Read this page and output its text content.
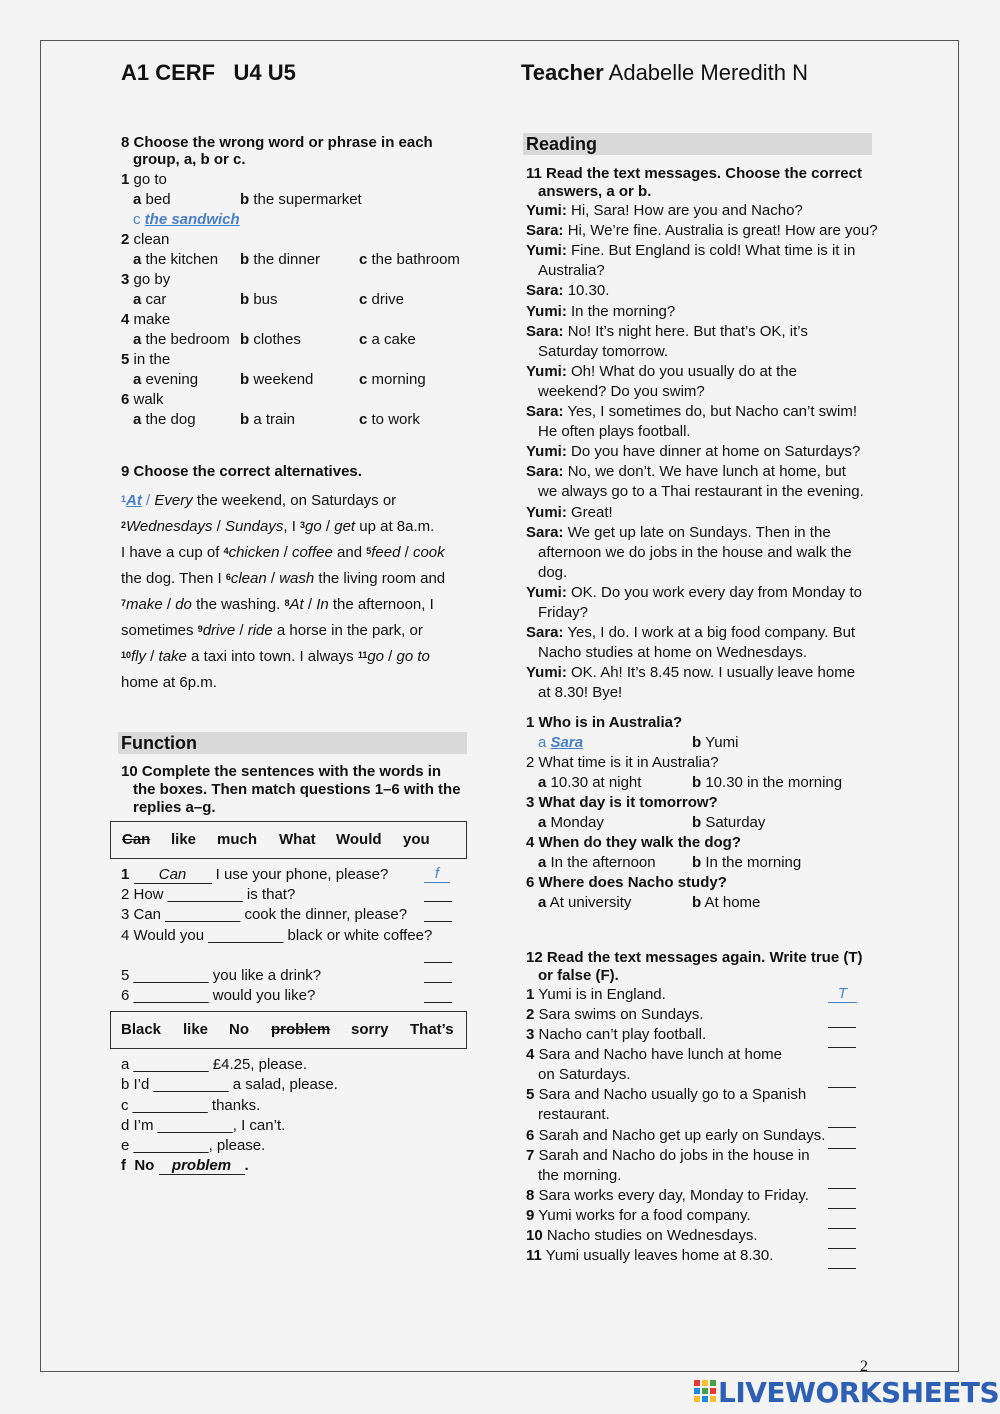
A1 CERF   U4 U5	Teacher Adabelle Meredith N
8 Choose the wrong word or phrase in each
group, a, b or c.
1 go to
a bed	b the supermarket
c the sandwich
2 clean
a the kitchen b the dinner	c the bathroom
3 go by
a car	b bus	c drive
4 make
a the bedroom b clothes	c a cake
5 in the
a evening	b weekend	c morning
6 walk
a the dog	b a train	c to work
9 Choose the correct alternatives.
$^1$At / Every the weekend, on Saturdays or
$^2$Wednesdays / Sundays, I $^3$go / get up at 8a.m.
I have a cup of $^4$chicken / coffee and $^5$feed / cook
the dog. Then I $^6$clean / wash the living room and
$^7$make / do the washing. $^8$At / In the afternoon, I
sometimes $^9$drive / ride a horse in the park, or
$^{10}$fly / take a taxi into town. I always $^{11}$go / go to
home at 6p.m.
Function
10 Complete the sentences with the words in
the boxes. Then match questions 1–6 with the
replies a–g.
Can like much What Would you
1 Can I use your phone, please?	f
2 How _________ is that?
3 Can _________ cook the dinner, please?
4 Would you _________ black or white coffee?
5 _________ you like a drink?
6 _________ would you like?
Black like No problem sorry That’s
a _________ £4.25, please.
b I’d _________ a salad, please.
c _________ thanks.
d I’m _________, I can’t.
e _________, please.
f  No problem .
Reading
11 Read the text messages. Choose the correct
answers, a or b.
Yumi: Hi, Sara! How are you and Nacho?
Sara: Hi, We’re fine. Australia is great! How are you?
Yumi: Fine. But England is cold! What time is it in
Australia?
Sara: 10.30.
Yumi: In the morning?
Sara: No! It’s night here. But that’s OK, it’s
Saturday tomorrow.
Yumi: Oh! What do you usually do at the
weekend? Do you swim?
Sara: Yes, I sometimes do, but Nacho can’t swim!
He often plays football.
Yumi: Do you have dinner at home on Saturdays?
Sara: No, we don’t. We have lunch at home, but
we always go to a Thai restaurant in the evening.
Yumi: Great!
Sara: We get up late on Sundays. Then in the
afternoon we do jobs in the house and walk the
dog.
Yumi: OK. Do you work every day from Monday to
Friday?
Sara: Yes, I do. I work at a big food company. But
Nacho studies at home on Wednesdays.
Yumi: OK. Ah! It’s 8.45 now. I usually leave home
at 8.30! Bye!
1 Who is in Australia?
a Sara	b Yumi
2 What time is it in Australia?
a 10.30 at night	b 10.30 in the morning
3 What day is it tomorrow?
a Monday	b Saturday
4 When do they walk the dog?
a In the afternoon b In the morning
6 Where does Nacho study?
a At university	b At home
12 Read the text messages again. Write true (T)
or false (F).
1 Yumi is in England.	T
2 Sara swims on Sundays.
3 Nacho can’t play football.
4 Sara and Nacho have lunch at home
on Saturdays.
5 Sara and Nacho usually go to a Spanish
restaurant.
6 Sarah and Nacho get up early on Sundays.
7 Sarah and Nacho do jobs in the house in
the morning.
8 Sara works every day, Monday to Friday.
9 Yumi works for a food company.
10 Nacho studies on Wednesdays.
11 Yumi usually leaves home at 8.30.
2
LIVEWORKSHEETS
